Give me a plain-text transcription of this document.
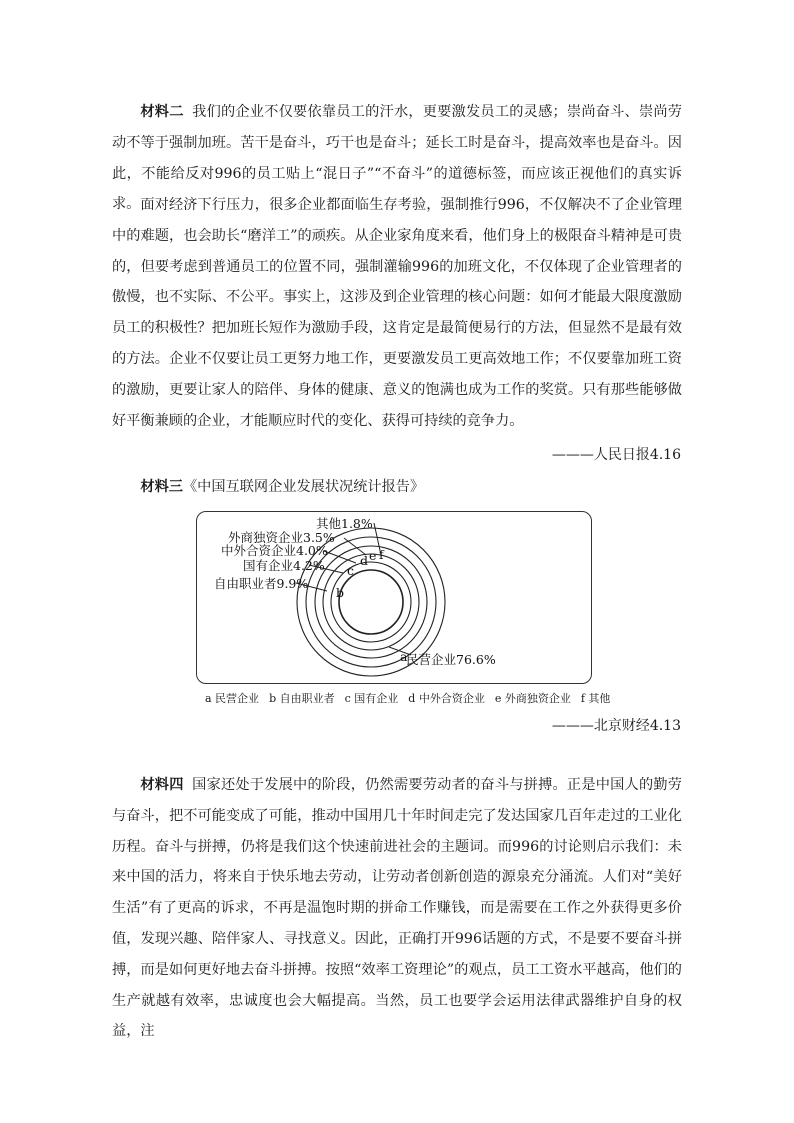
材料二 我们的企业不仅要依靠员工的汗水，更要激发员工的灵感；崇尚奋斗、崇尚劳动不等于强制加班。苦干是奋斗，巧干也是奋斗；延长工时是奋斗，提高效率也是奋斗。因此，不能给反对996的员工贴上“混日子”“不奋斗”的道德标签，而应该正视他们的真实诉求。 面对经济下行压力，很多企业都面临生存考验，强制推行996，不仅解决不了企业管理中的难题，也会助长“磨洋工”的顽疾。从企业家角度来看，他们身上的极限奋斗精神是可贵的，但要考虑到普通员工的位置不同，强制灌输996的加班文化，不仅体现了企业管理者的傲慢，也不实际、不公平。事实上，这涉及到企业管理的核心问题：如何才能最大限度激励员工的积极性？把加班长短作为激励手段，这肯定是最简便易行的方法，但显然不是最有效的方法。企业不仅要让员工更努力地工作，更要激发员工更高效地工作；不仅要靠加班工资的激励，更要让家人的陪伴、身体的健康、意义的饱满也成为工作的奖赏。只有那些能够做好平衡兼顾的企业，才能顺应时代的变化、获得可持续的竞争力。

———人民日报4.16

材料三《中国互联网企业发展状况统计报告》

a
b
c
d e f
民营企业76.6%
自由职业者9.9%
国有企业4.2%
中外合资企业4.0%
外商独资企业3.5%
其他1.8%

a 民营企业 b 自由职业者 c 国有企业 d 中外合资企业 e 外商独资企业 f 其他

———北京财经4.13

材料四 国家还处于发展中的阶段，仍然需要劳动者的奋斗与拼搏。正是中国人的勤劳与奋斗，把不可能变成了可能，推动中国用几十年时间走完了发达国家几百年走过的工业化历程。奋斗与拼搏，仍将是我们这个快速前进社会的主题词。而996的讨论则启示我们：未来中国的活力，将来自于快乐地去劳动，让劳动者创新创造的源泉充分涌流。人们对“美好生活”有了更高的诉求，不再是温饱时期的拼命工作赚钱，而是需要在工作之外获得更多价值，发现兴趣、陪伴家人、寻找意义。因此，正确打开996话题的方式，不是要不要奋斗拼搏，而是如何更好地去奋斗拼搏。按照“效率工资理论”的观点，员工工资水平越高，他们的生产就越有效率，忠诚度也会大幅提高。当然，员工也要学会运用法律武器维护自身的权益，注
